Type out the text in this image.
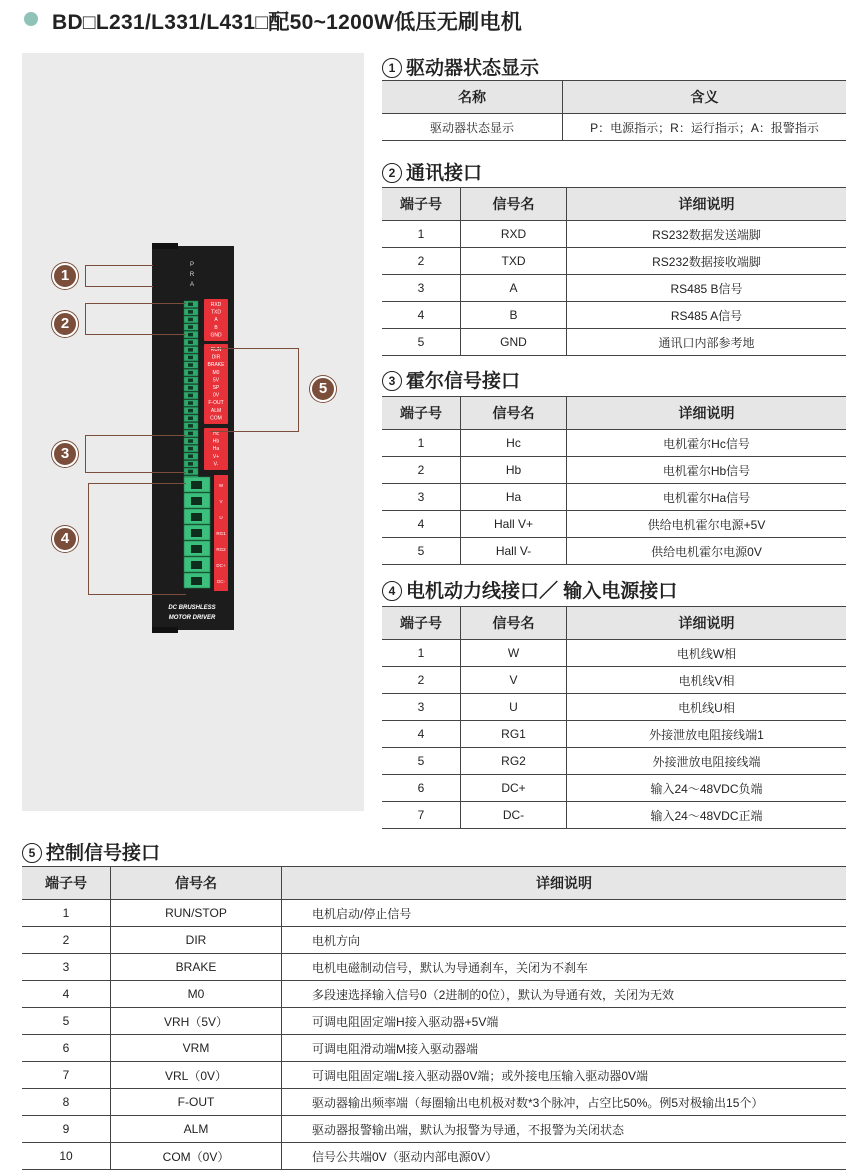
BD□L231/L331/L431□配50~1200W低压无刷电机
P
R
A
RXD
TXD
A
B
GND
RUN
DIR
BRAKE
M0
5V
SP
0V
F-OUT
ALM
COM
Hc
Hb
Ha
V+
V-
W
V
U
RG1
RG2
DC+
DC-
DC BRUSHLESS
MOTOR DRIVER
1
2
3
4
5
1 驱动器状态显示
名称	含义
驱动器状态显示	P：电源指示；R：运行指示；A：报警指示
2 通讯接口
端子号	信号名	详细说明
1	RXD	RS232数据发送端脚
2	TXD	RS232数据接收端脚
3	A	RS485 B信号
4	B	RS485 A信号
5	GND	通讯口内部参考地
3 霍尔信号接口
端子号	信号名	详细说明
1	Hc	电机霍尔Hc信号
2	Hb	电机霍尔Hb信号
3	Ha	电机霍尔Ha信号
4	Hall V+	供给电机霍尔电源+5V
5	Hall V-	供给电机霍尔电源0V
4 电机动力线接口／ 输入电源接口
端子号	信号名	详细说明
1	W	电机线W相
2	V	电机线V相
3	U	电机线U相
4	RG1	外接泄放电阻接线端1
5	RG2	外接泄放电阻接线端
6	DC+	输入24～48VDC负端
7	DC-	输入24～48VDC正端
5 控制信号接口
端子号	信号名	详细说明
1	RUN/STOP	电机启动/停止信号
2	DIR	电机方向
3	BRAKE	电机电磁制动信号，默认为导通刹车，关闭为不刹车
4	M0	多段速选择输入信号0（2进制的0位），默认为导通有效，关闭为无效
5	VRH（5V）	可调电阻固定端H接入驱动器+5V端
6	VRM	可调电阻滑动端M接入驱动器端
7	VRL（0V）	可调电阻固定端L接入驱动器0V端；或外接电压输入驱动器0V端
8	F-OUT	驱动器输出频率端（每圈输出电机极对数*3个脉冲，占空比50%。例5对极输出15个）
9	ALM	驱动器报警输出端，默认为报警为导通，不报警为关闭状态
10	COM（0V）	信号公共端0V（驱动内部电源0V）
